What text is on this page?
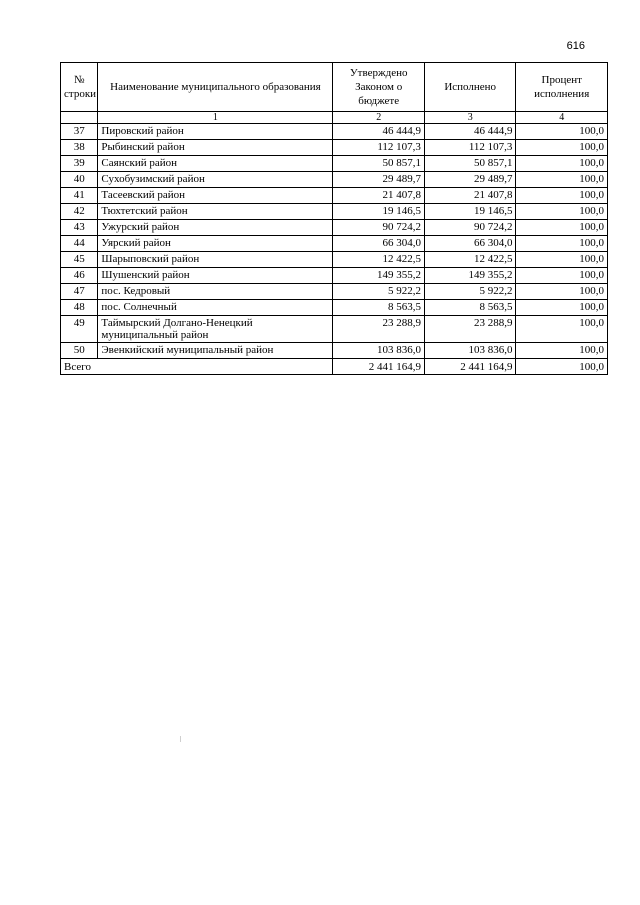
616
№ строки	Наименование муниципального образования	Утверждено Законом о бюджете	Исполнено	Процент исполнения
	1	2	3	4
37	Пировский район	46 444,9	46 444,9	100,0
38	Рыбинский район	112 107,3	112 107,3	100,0
39	Саянский район	50 857,1	50 857,1	100,0
40	Сухобузимский район	29 489,7	29 489,7	100,0
41	Тасеевский район	21 407,8	21 407,8	100,0
42	Тюхтетский район	19 146,5	19 146,5	100,0
43	Ужурский район	90 724,2	90 724,2	100,0
44	Уярский район	66 304,0	66 304,0	100,0
45	Шарыповский район	12 422,5	12 422,5	100,0
46	Шушенский район	149 355,2	149 355,2	100,0
47	пос. Кедровый	5 922,2	5 922,2	100,0
48	пос. Солнечный	8 563,5	8 563,5	100,0
49	Таймырский Долгано-Ненецкий муниципальный район	23 288,9	23 288,9	100,0
50	Эвенкийский муниципальный район	103 836,0	103 836,0	100,0
Всего		2 441 164,9	2 441 164,9	100,0
